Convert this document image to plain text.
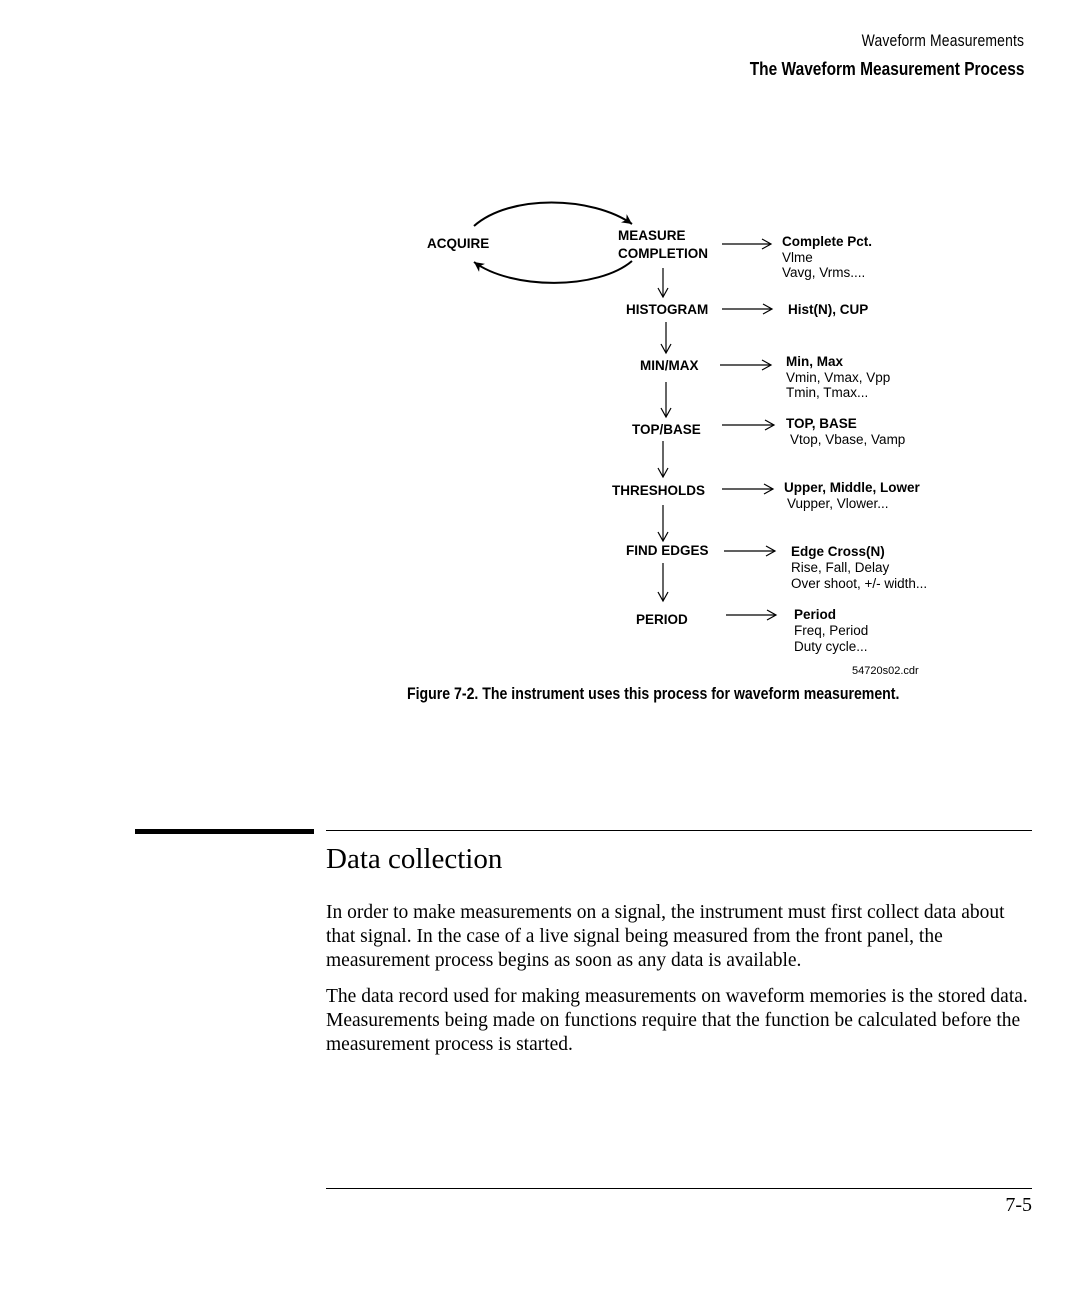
Waveform Measurements
The Waveform Measurement Process
ACQUIRE
MEASURE
COMPLETION
HISTOGRAM
MIN/MAX
TOP/BASE
THRESHOLDS
FIND EDGES
PERIOD
Complete Pct.
Vlme
Vavg, Vrms....
Hist(N), CUP
Min, Max
Vmin, Vmax, Vpp
Tmin, Tmax...
TOP, BASE
Vtop, Vbase, Vamp
Upper, Middle, Lower
Vupper, Vlower...
Edge Cross(N)
Rise, Fall, Delay
Over shoot, +/- width...
Period
Freq, Period
Duty cycle...
54720s02.cdr
Figure 7-2. The instrument uses this process for waveform measurement.
Data collection
In order to make measurements on a signal, the instrument must first collect data about that signal. In the case of a live signal being measured from the front panel, the measurement process begins as soon as any data is available.
The data record used for making measurements on waveform memories is the stored data. Measurements being made on functions require that the function be calculated before the measurement process is started.
7-5
